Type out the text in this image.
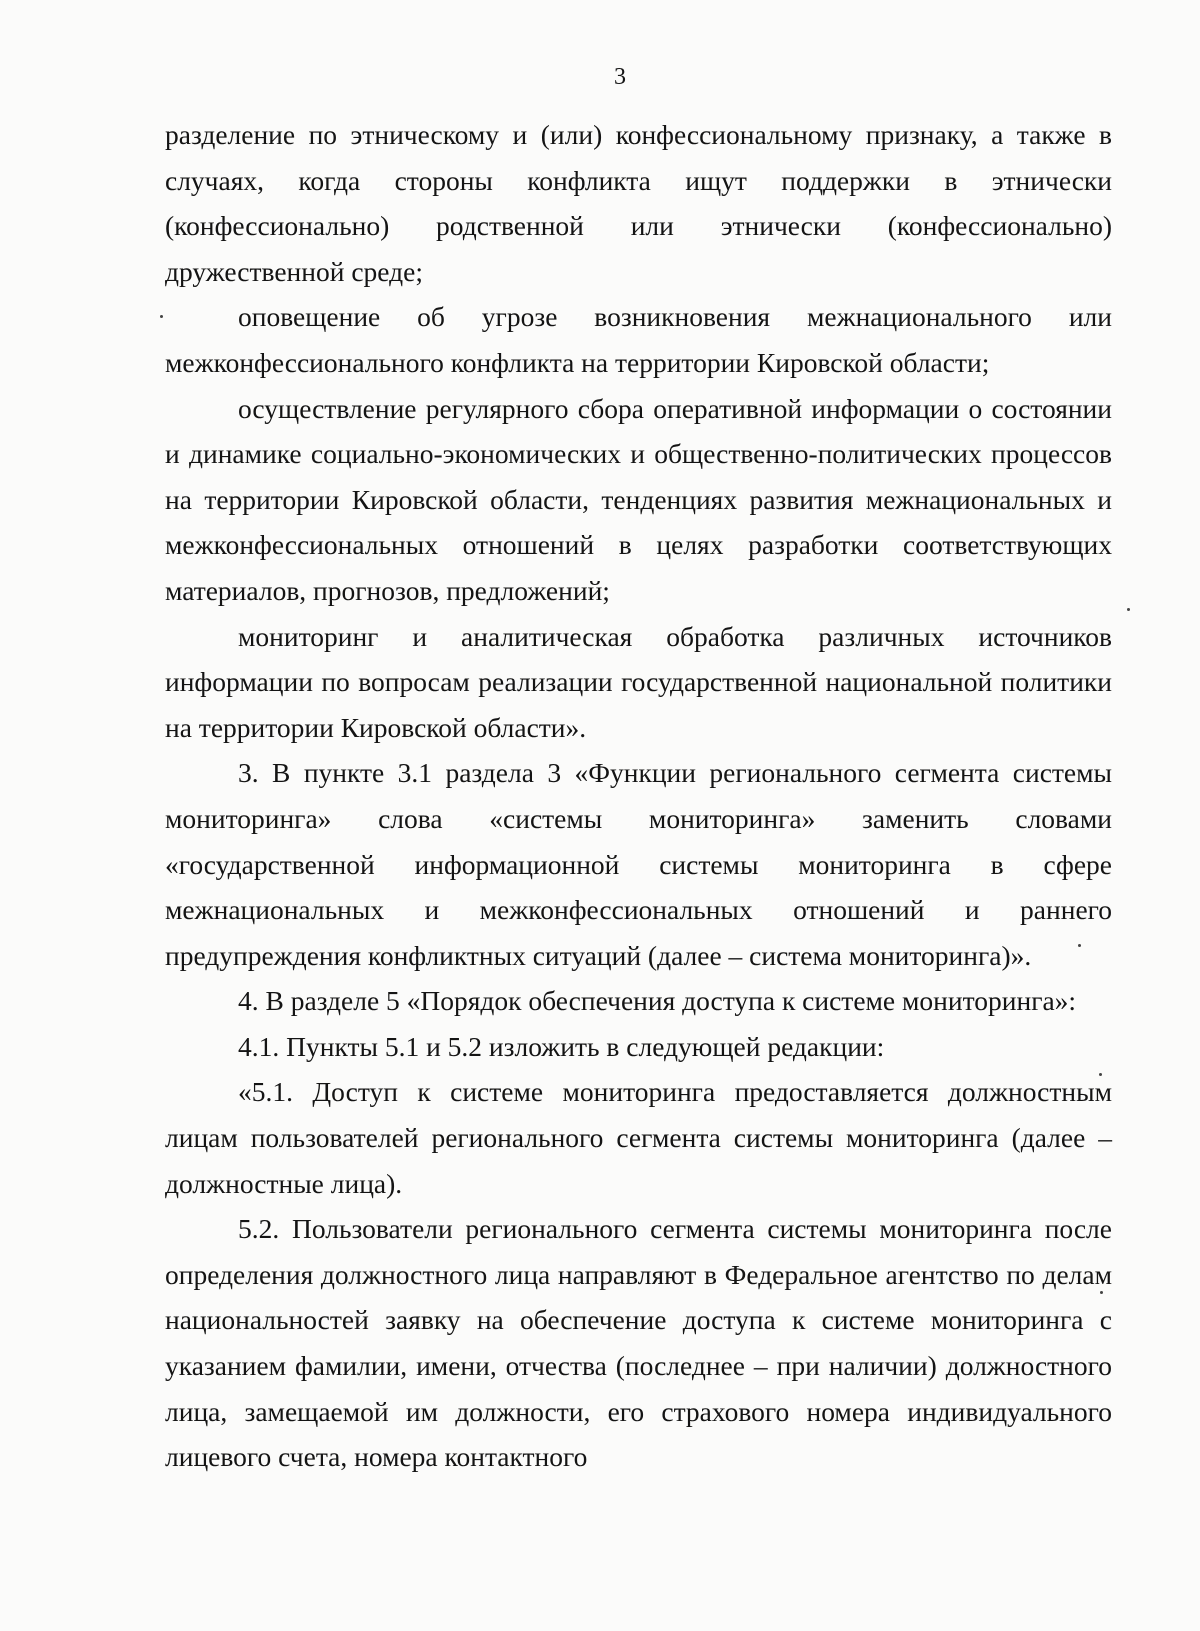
3

разделение по этническому и (или) конфессиональному признаку, а также в случаях, когда стороны конфликта ищут поддержки в этнически (конфессионально) родственной или этнически (конфессионально) дружественной среде;

оповещение об угрозе возникновения межнационального или межконфессионального конфликта на территории Кировской области;

осуществление регулярного сбора оперативной информации о состоянии и динамике социально-экономических и общественно-политических процессов на территории Кировской области, тенденциях развития межнациональных и межконфессиональных отношений в целях разработки соответствующих материалов, прогнозов, предложений;

мониторинг и аналитическая обработка различных источников информации по вопросам реализации государственной национальной политики на территории Кировской области».

3. В пункте 3.1 раздела 3 «Функции регионального сегмента системы мониторинга» слова «системы мониторинга» заменить словами «государственной информационной системы мониторинга в сфере межнациональных и межконфессиональных отношений и раннего предупреждения конфликтных ситуаций (далее – система мониторинга)».

4. В разделе 5 «Порядок обеспечения доступа к системе мониторинга»:

4.1. Пункты 5.1 и 5.2 изложить в следующей редакции:

«5.1. Доступ к системе мониторинга предоставляется должностным лицам пользователей регионального сегмента системы мониторинга (далее – должностные лица).

5.2. Пользователи регионального сегмента системы мониторинга после определения должностного лица направляют в Федеральное агентство по делам национальностей заявку на обеспечение доступа к системе мониторинга с указанием фамилии, имени, отчества (последнее – при наличии) должностного лица, замещаемой им должности, его страхового номера индивидуального лицевого счета, номера контактного
